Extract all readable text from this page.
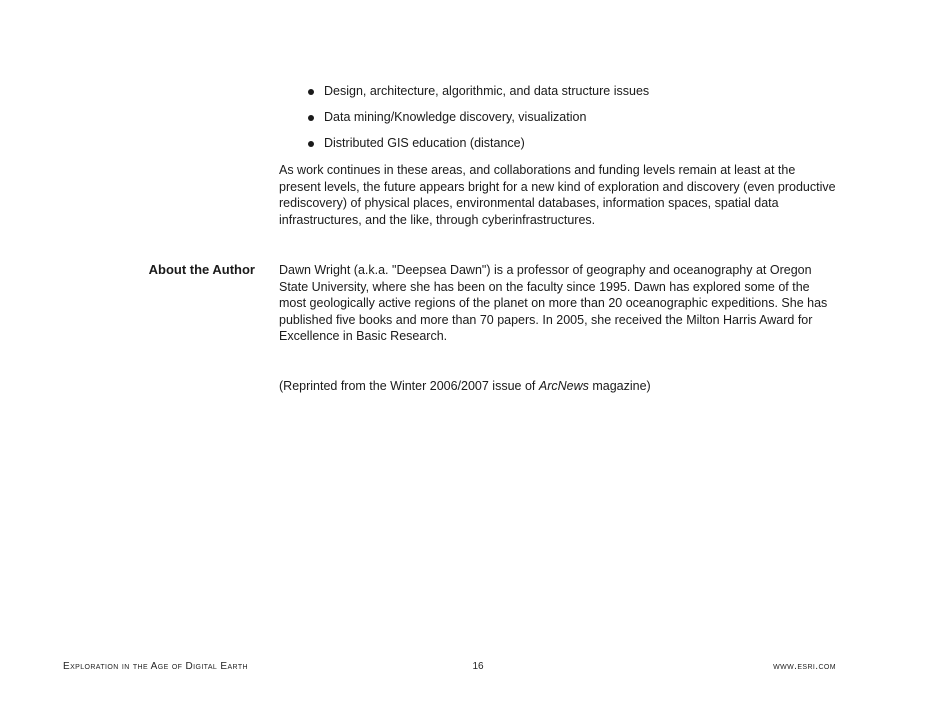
Design, architecture, algorithmic, and data structure issues
Data mining/Knowledge discovery, visualization
Distributed GIS education (distance)

As work continues in these areas, and collaborations and funding levels remain at least at the present levels, the future appears bright for a new kind of exploration and discovery (even productive rediscovery) of physical places, environmental databases, information spaces, spatial data infrastructures, and the like, through cyberinfrastructures.

About the Author Dawn Wright (a.k.a. "Deepsea Dawn") is a professor of geography and oceanography at Oregon State University, where she has been on the faculty since 1995. Dawn has explored some of the most geologically active regions of the planet on more than 20 oceanographic expeditions. She has published five books and more than 70 papers. In 2005, she received the Milton Harris Award for Excellence in Basic Research.

(Reprinted from the Winter 2006/2007 issue of ArcNews magazine)

Exploration in the Age of Digital Earth	16	www.esri.com
